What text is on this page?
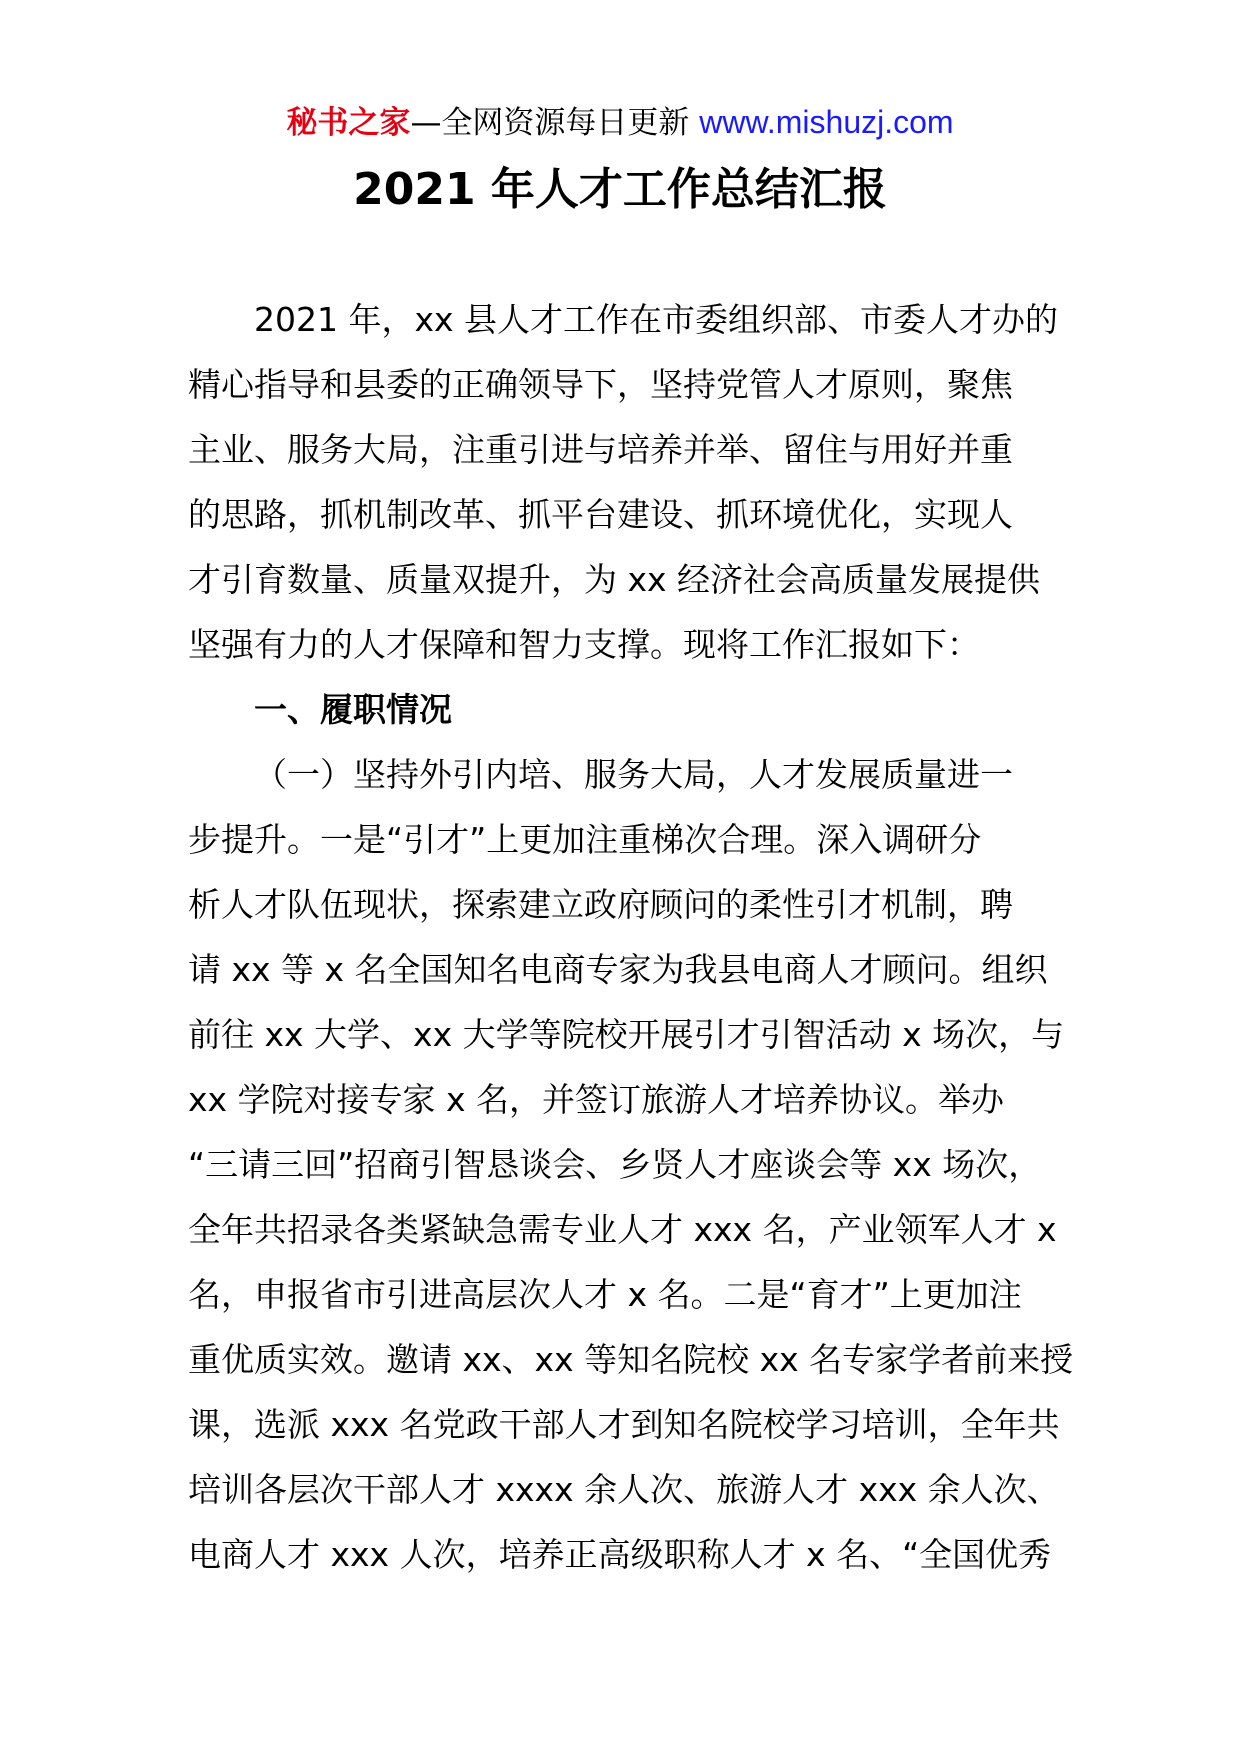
秘书之家—全网资源每日更新 www.mishuzj.com
2021 年人才工作总结汇报
2021 年，xx 县人才工作在市委组织部、市委人才办的
精心指导和县委的正确领导下，坚持党管人才原则，聚焦
主业、服务大局，注重引进与培养并举、留住与用好并重
的思路，抓机制改革、抓平台建设、抓环境优化，实现人
才引育数量、质量双提升，为 xx 经济社会高质量发展提供
坚强有力的人才保障和智力支撑。现将工作汇报如下：
一、履职情况
（一）坚持外引内培、服务大局，人才发展质量进一
步提升。一是“引才”上更加注重梯次合理。深入调研分
析人才队伍现状，探索建立政府顾问的柔性引才机制，聘
请 xx 等 x 名全国知名电商专家为我县电商人才顾问。组织
前往 xx 大学、xx 大学等院校开展引才引智活动 x 场次，与
xx 学院对接专家 x 名，并签订旅游人才培养协议。举办
“三请三回”招商引智恳谈会、乡贤人才座谈会等 xx 场次，
全年共招录各类紧缺急需专业人才 xxx 名，产业领军人才 x
名，申报省市引进高层次人才 x 名。二是“育才”上更加注
重优质实效。邀请 xx、xx 等知名院校 xx 名专家学者前来授
课，选派 xxx 名党政干部人才到知名院校学习培训，全年共
培训各层次干部人才 xxxx 余人次、旅游人才 xxx 余人次、
电商人才 xxx 人次，培养正高级职称人才 x 名、“全国优秀
